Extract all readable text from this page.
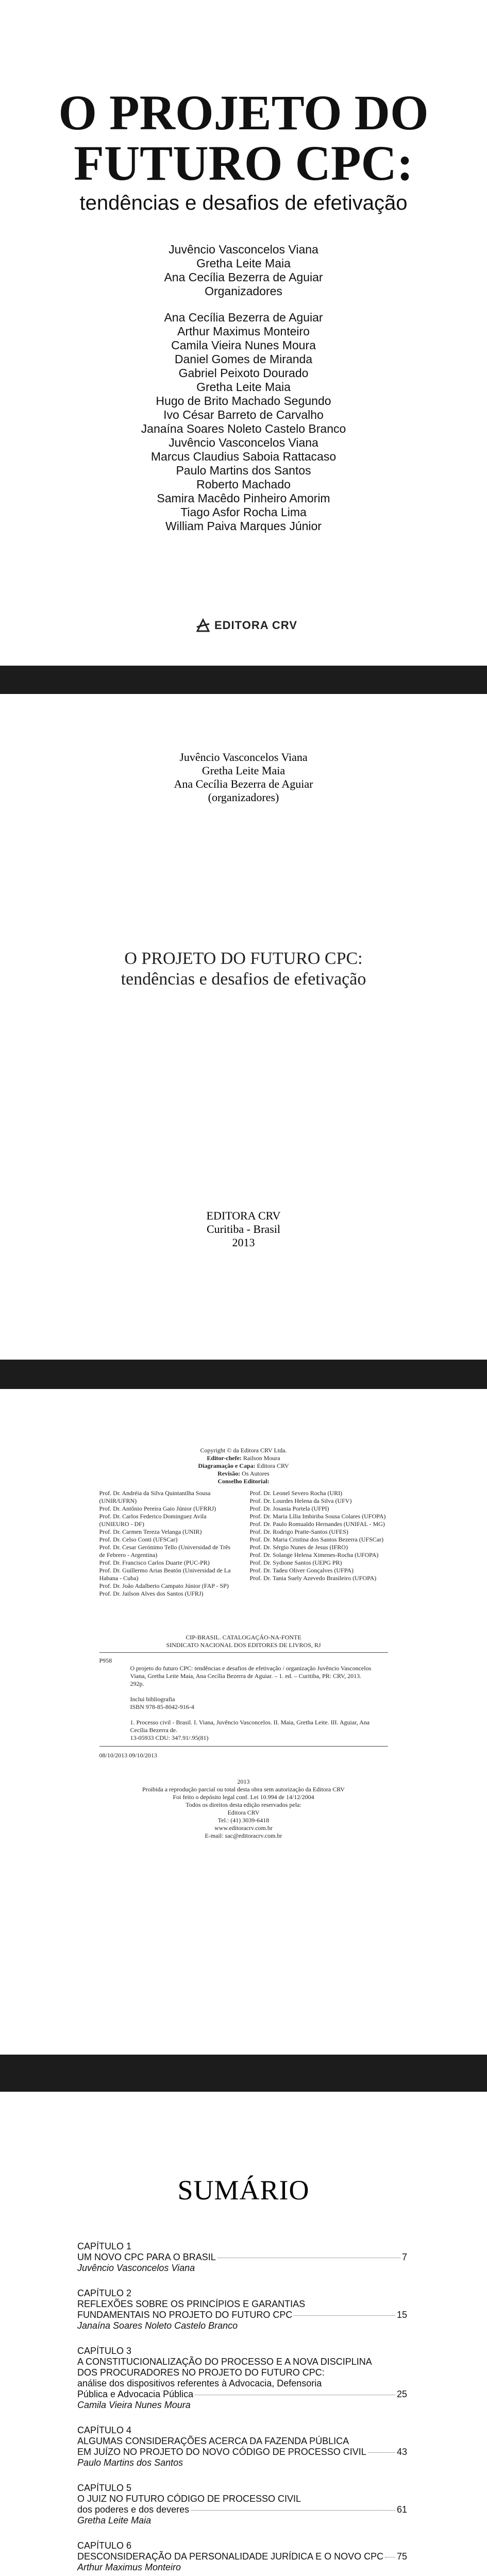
O PROJETO DO
FUTURO CPC:
tendências e desafios de efetivação
Juvêncio Vasconcelos Viana
Gretha Leite Maia
Ana Cecília Bezerra de Aguiar
Organizadores
Ana Cecília Bezerra de Aguiar
Arthur Maximus Monteiro
Camila Vieira Nunes Moura
Daniel Gomes de Miranda
Gabriel Peixoto Dourado
Gretha Leite Maia
Hugo de Brito Machado Segundo
Ivo César Barreto de Carvalho
Janaína Soares Noleto Castelo Branco
Juvêncio Vasconcelos Viana
Marcus Claudius Saboia Rattacaso
Paulo Martins dos Santos
Roberto Machado
Samira Macêdo Pinheiro Amorim
Tiago Asfor Rocha Lima
William Paiva Marques Júnior
EDITORA CRV
Juvêncio Vasconcelos Viana
Gretha Leite Maia
Ana Cecília Bezerra de Aguiar
(organizadores)
O PROJETO DO FUTURO CPC:
tendências e desafios de efetivação
EDITORA CRV
Curitiba - Brasil
2013
Copyright © da Editora CRV Ltda.
Editor-chefe: Railson Moura
Diagramação e Capa: Editora CRV
Revisão: Os Autores
Conselho Editorial:
Prof. Dr. Andréia da Silva Quintanilha Sousa (UNIR/UFRN)
Prof. Dr. Antônio Pereira Gaio Júnior (UFRRJ)
Prof. Dr. Carlos Federico Dominguez Avila (UNIEURO - DF)
Prof. Dr. Carmen Tereza Velanga (UNIR)
Prof. Dr. Celso Conti (UFSCar)
Prof. Dr. Cesar Gerónimo Tello (Universidad de Três de Febrero - Argentina)
Prof. Dr. Francisco Carlos Duarte (PUC-PR)
Prof. Dr. Guillermo Arias Beatón (Universidad de La Habana - Cuba)
Prof. Dr. João Adalberto Campato Júnior (FAP - SP)
Prof. Dr. Jailson Alves dos Santos (UFRJ)
Prof. Dr. Leonel Severo Rocha (URI)
Prof. Dr. Lourdes Helena da Silva (UFV)
Prof. Dr. Josania Portela (UFPI)
Prof. Dr. Maria Lília Imbiriba Sousa Colares (UFOPA)
Prof. Dr. Paulo Romualdo Hernandes (UNIFAL - MG)
Prof. Dr. Rodrigo Pratte-Santos (UFES)
Prof. Dr. Maria Cristina dos Santos Bezerra (UFSCar)
Prof. Dr. Sérgio Nunes de Jesus (IFRO)
Prof. Dr. Solange Helena Ximenes-Rocha (UFOPA)
Prof. Dr. Sydione Santos (UEPG PR)
Prof. Dr. Tadeu Oliver Gonçalves (UFPA)
Prof. Dr. Tania Suely Azevedo Brasileiro (UFOPA)
CIP-BRASIL. CATALOGAÇÃO-NA-FONTE
SINDICATO NACIONAL DOS EDITORES DE LIVROS, RJ
P958
O projeto do futuro CPC: tendências e desafios de efetivação / organização Juvêncio Vasconcelos Viana, Gretha Leite Maia, Ana Cecília Bezerra de Aguiar. – 1. ed. – Curitiba, PR: CRV, 2013.
292p.
Inclui bibliografia
ISBN 978-85-8042-916-4
1. Processo civil - Brasil. I. Viana, Juvêncio Vasconcelos. II. Maia, Gretha Leite. III. Aguiar, Ana Cecília Bezerra de.
13-05933 CDU: 347.91/.95(81)
08/10/2013 09/10/2013
2013
Proibida a reprodução parcial ou total desta obra sem autorização da Editora CRV
Foi feito o depósito legal conf. Lei 10.994 de 14/12/2004
Todos os direitos desta edição reservados pela:
Editora CRV
Tel.: (41) 3039-6418
www.editoracrv.com.br
E-mail: sac@editoracrv.com.br
SUMÁRIO
CAPÍTULO 1
UM NOVO CPC PARA O BRASIL	7
Juvêncio Vasconcelos Viana
CAPÍTULO 2
REFLEXÕES SOBRE OS PRINCÍPIOS E GARANTIAS
FUNDAMENTAIS NO PROJETO DO FUTURO CPC	15
Janaína Soares Noleto Castelo Branco
CAPÍTULO 3
A CONSTITUCIONALIZAÇÃO DO PROCESSO E A NOVA DISCIPLINA
DOS PROCURADORES NO PROJETO DO FUTURO CPC:
análise dos dispositivos referentes à Advocacia, Defensoria
Pública e Advocacia Pública	25
Camila Vieira Nunes Moura
CAPÍTULO 4
ALGUMAS CONSIDERAÇÕES ACERCA DA FAZENDA PÚBLICA
EM JUÍZO NO PROJETO DO NOVO CÓDIGO DE PROCESSO CIVIL	43
Paulo Martins dos Santos
CAPÍTULO 5
O JUIZ NO FUTURO CÓDIGO DE PROCESSO CIVIL
dos poderes e dos deveres	61
Gretha Leite Maia
CAPÍTULO 6
DESCONSIDERAÇÃO DA PERSONALIDADE JURÍDICA E O NOVO CPC 75
Arthur Maximus Monteiro
